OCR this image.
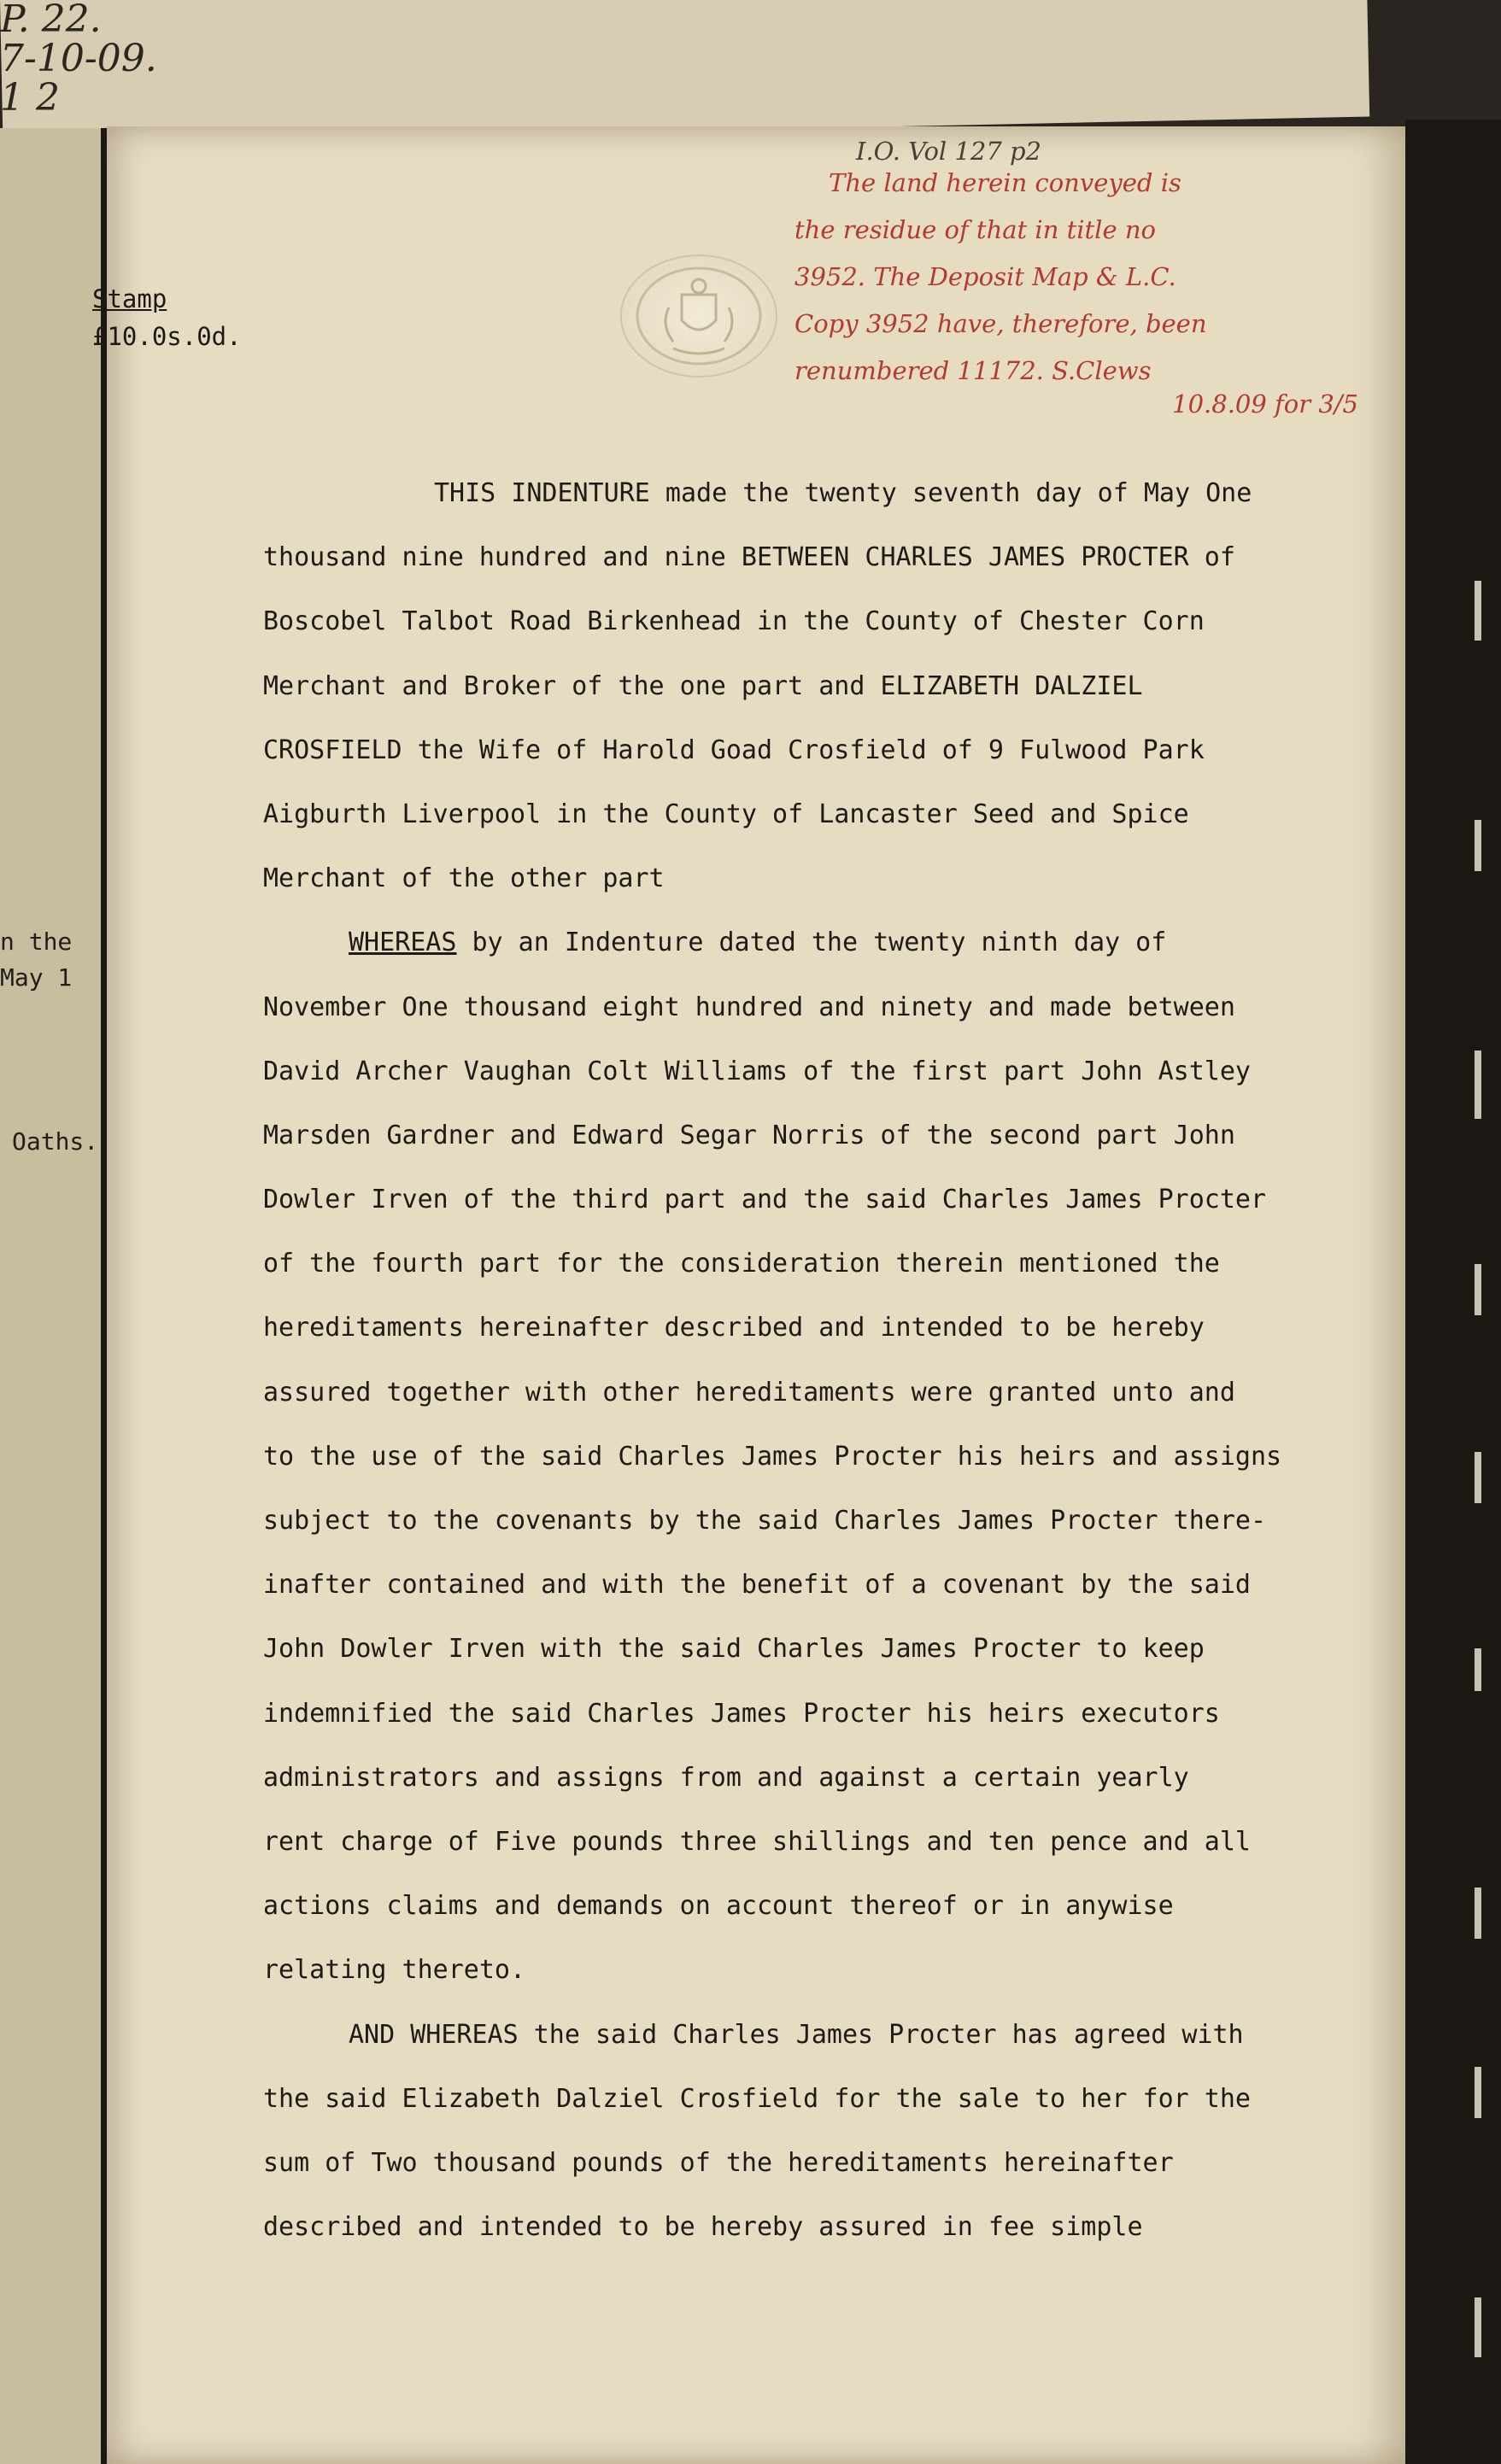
P. 22.
7-10-09.
1 2
n the
May 1
Oaths.
Stamp
£10.0s.0d.
I.O. Vol 127 p2
The land herein conveyed is
the residue of that in title no
3952. The Deposit Map & L.C.
Copy 3952 have, therefore, been
renumbered 11172. S.Clews
10.8.09 for 3/5
THIS INDENTURE made the twenty seventh day of May One
thousand nine hundred and nine BETWEEN CHARLES JAMES PROCTER of
Boscobel Talbot Road Birkenhead in the County of Chester Corn
Merchant and Broker of the one part and ELIZABETH DALZIEL
CROSFIELD the Wife of Harold Goad Crosfield of 9 Fulwood Park
Aigburth Liverpool in the County of Lancaster Seed and Spice
Merchant of the other part
WHEREAS by an Indenture dated the twenty ninth day of
November One thousand eight hundred and ninety and made between
David Archer Vaughan Colt Williams of the first part John Astley
Marsden Gardner and Edward Segar Norris of the second part John
Dowler Irven of the third part and the said Charles James Procter
of the fourth part for the consideration therein mentioned the
hereditaments hereinafter described and intended to be hereby
assured together with other hereditaments were granted unto and
to the use of the said Charles James Procter his heirs and assigns
subject to the covenants by the said Charles James Procter there-
inafter contained and with the benefit of a covenant by the said
John Dowler Irven with the said Charles James Procter to keep
indemnified the said Charles James Procter his heirs executors
administrators and assigns from and against a certain yearly
rent charge of Five pounds three shillings and ten pence and all
actions claims and demands on account thereof or in anywise
relating thereto.
AND WHEREAS the said Charles James Procter has agreed with
the said Elizabeth Dalziel Crosfield for the sale to her for the
sum of Two thousand pounds of the hereditaments hereinafter
described and intended to be hereby assured in fee simple
